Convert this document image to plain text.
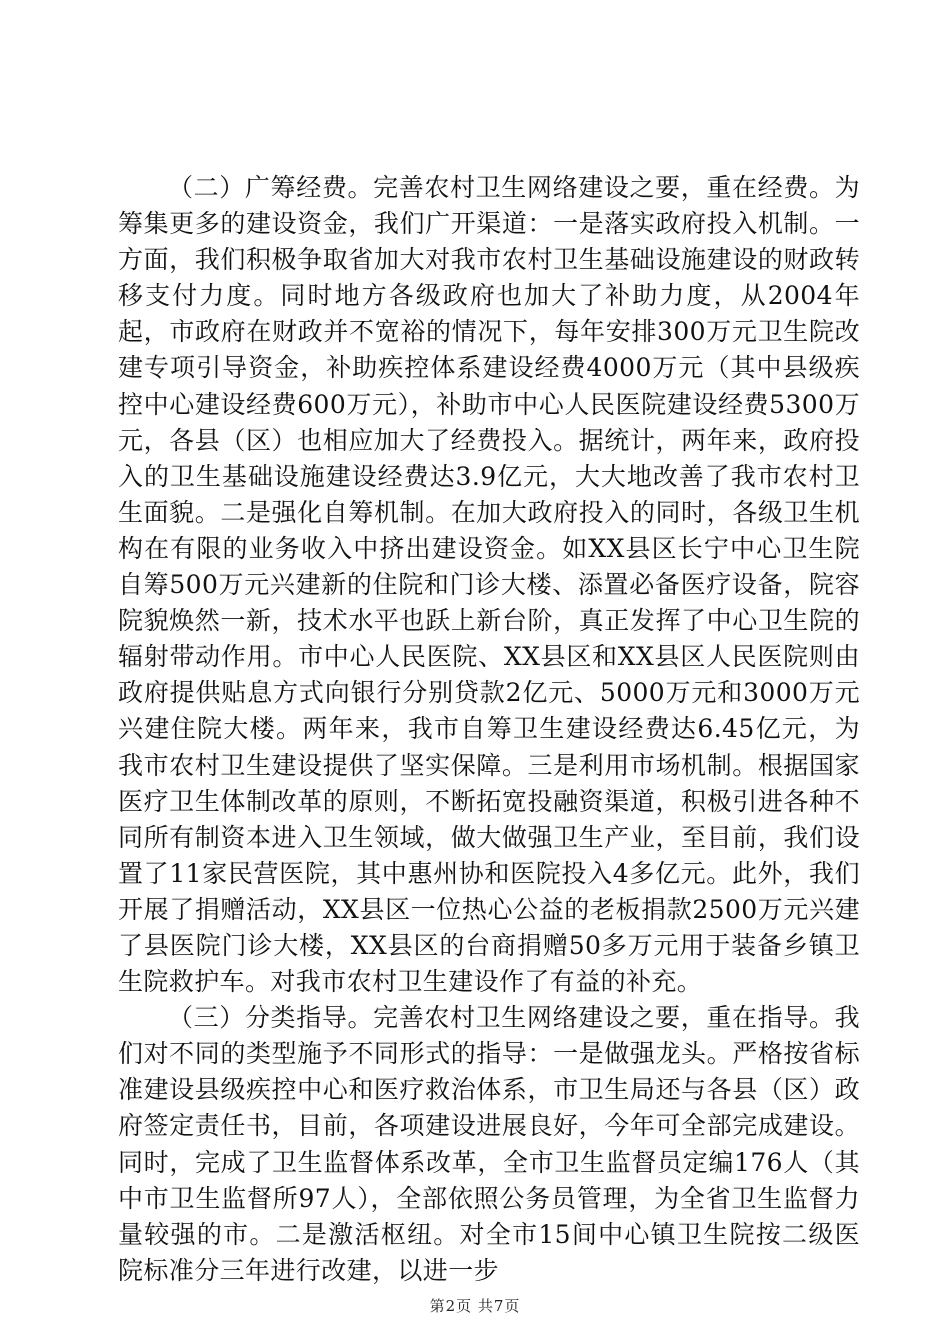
（二）广筹经费。完善农村卫生网络建设之要，重在经费。为筹集更多的建设资金，我们广开渠道：一是落实政府投入机制。一方面，我们积极争取省加大对我市农村卫生基础设施建设的财政转移支付力度。同时地方各级政府也加大了补助力度，从2004年起，市政府在财政并不宽裕的情况下，每年安排300万元卫生院改建专项引导资金，补助疾控体系建设经费4000万元（其中县级疾控中心建设经费600万元），补助市中心人民医院建设经费5300万元，各县（区）也相应加大了经费投入。据统计，两年来，政府投入的卫生基础设施建设经费达3.9亿元，大大地改善了我市农村卫生面貌。二是强化自筹机制。在加大政府投入的同时，各级卫生机构在有限的业务收入中挤出建设资金。如XX县区长宁中心卫生院自筹500万元兴建新的住院和门诊大楼、添置必备医疗设备，院容院貌焕然一新，技术水平也跃上新台阶，真正发挥了中心卫生院的辐射带动作用。市中心人民医院、XX县区和XX县区人民医院则由政府提供贴息方式向银行分别贷款2亿元、5000万元和3000万元兴建住院大楼。两年来，我市自筹卫生建设经费达6.45亿元，为我市农村卫生建设提供了坚实保障。三是利用市场机制。根据国家医疗卫生体制改革的原则，不断拓宽投融资渠道，积极引进各种不同所有制资本进入卫生领域，做大做强卫生产业，至目前，我们设置了11家民营医院，其中惠州协和医院投入4多亿元。此外，我们开展了捐赠活动，XX县区一位热心公益的老板捐款2500万元兴建了县医院门诊大楼，XX县区的台商捐赠50多万元用于装备乡镇卫生院救护车。对我市农村卫生建设作了有益的补充。

（三）分类指导。完善农村卫生网络建设之要，重在指导。我们对不同的类型施予不同形式的指导：一是做强龙头。严格按省标准建设县级疾控中心和医疗救治体系，市卫生局还与各县（区）政府签定责任书，目前，各项建设进展良好，今年可全部完成建设。同时，完成了卫生监督体系改革，全市卫生监督员定编176人（其中市卫生监督所97人），全部依照公务员管理，为全省卫生监督力量较强的市。二是激活枢纽。对全市15间中心镇卫生院按二级医院标准分三年进行改建，以进一步

第2页 共7页
